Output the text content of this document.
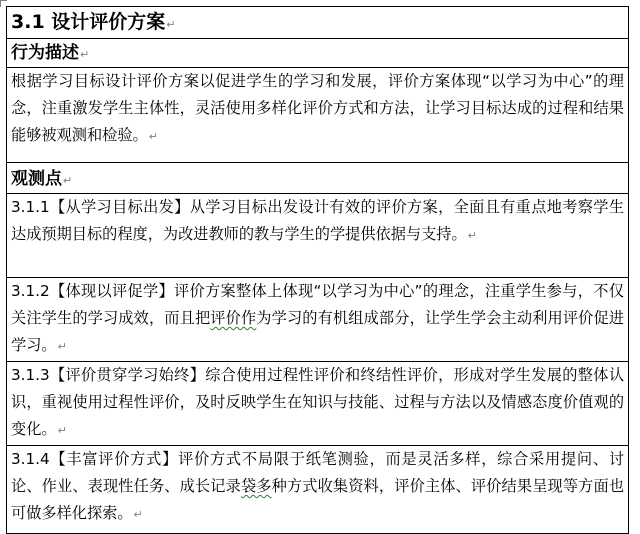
3.1 设计评价方案↵
行为描述↵

根据学习目标设计评价方案以促进学生的学习和发展，评价方案体现“以学习为中心”的理念，注重激发学生主体性，灵活使用多样化评价方式和方法，让学习目标达成的过程和结果能够被观测和检验。↵

观测点↵

3.1.1【从学习目标出发】从学习目标出发设计有效的评价方案，全面且有重点地考察学生达成预期目标的程度，为改进教师的教与学生的学提供依据与支持。↵

3.1.2【体现以评促学】评价方案整体上体现“以学习为中心”的理念，注重学生参与，不仅关注学生的学习成效，而且把评价作为学习的有机组成部分，让学生学会主动利用评价促进学习。↵

3.1.3【评价贯穿学习始终】综合使用过程性评价和终结性评价，形成对学生发展的整体认识，重视使用过程性评价，及时反映学生在知识与技能、过程与方法以及情感态度价值观的变化。↵

3.1.4【丰富评价方式】评价方式不局限于纸笔测验，而是灵活多样，综合采用提问、讨论、作业、表现性任务、成长记录袋多种方式收集资料，评价主体、评价结果呈现等方面也可做多样化探索。↵
